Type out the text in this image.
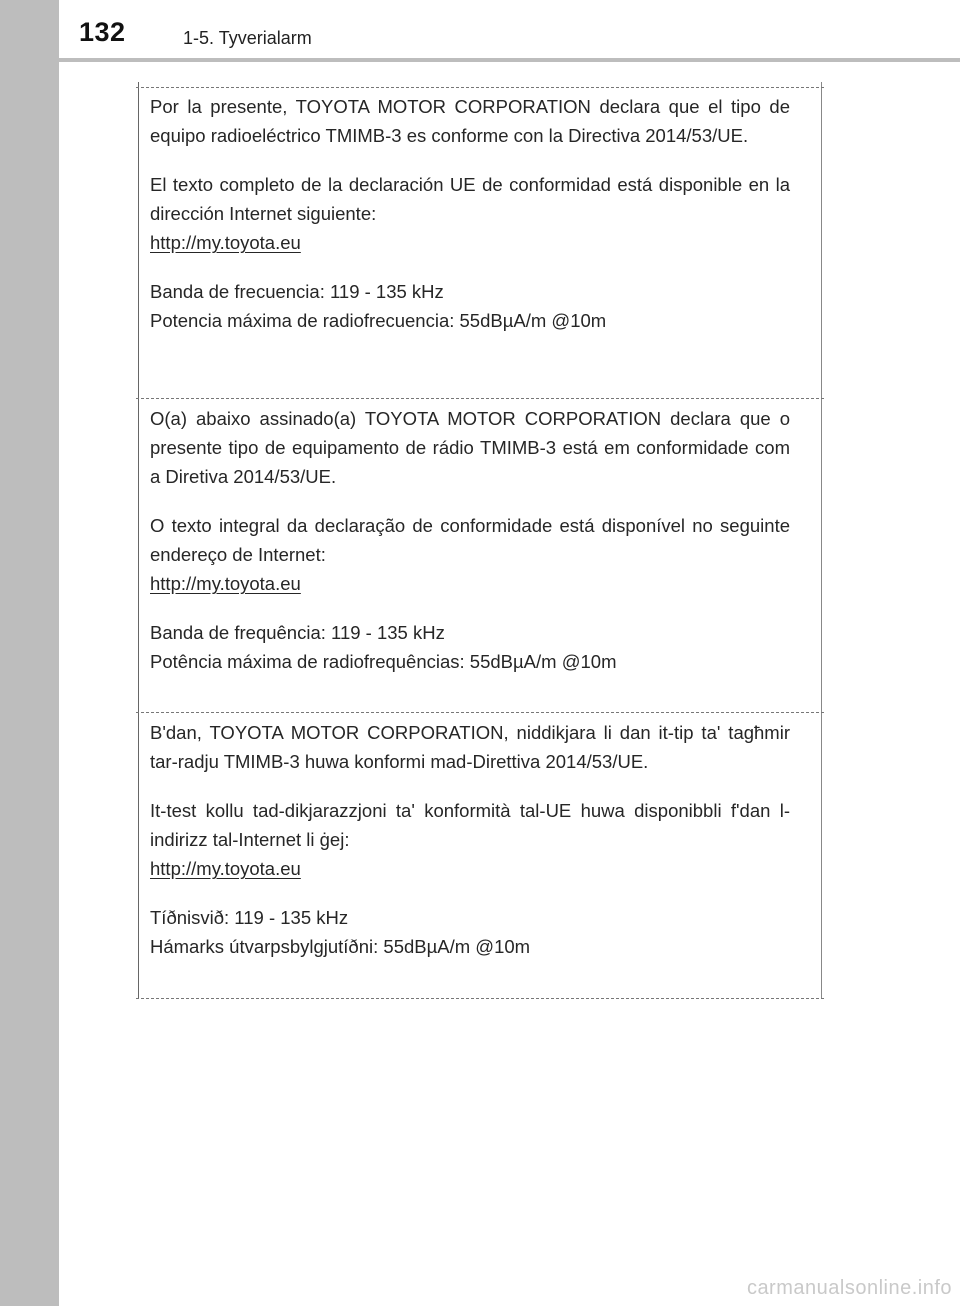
132	1-5. Tyverialarm

Por la presente, TOYOTA MOTOR CORPORATION declara que el tipo de equipo radioeléctrico TMIMB-3 es conforme con la Directiva 2014/53/UE.

El texto completo de la declaración UE de conformidad está disponible en la dirección Internet siguiente:

http://my.toyota.eu
Banda de frecuencia: 119 - 135 kHz
Potencia máxima de radiofrecuencia: 55dBµA/m @10m

O(a) abaixo assinado(a) TOYOTA MOTOR CORPORATION declara que o presente tipo de equipamento de rádio TMIMB-3 está em conformidade com a Diretiva 2014/53/UE.

O texto integral da declaração de conformidade está disponível no seguinte endereço de Internet:

http://my.toyota.eu
Banda de frequência: 119 - 135 kHz
Potência máxima de radiofrequências: 55dBµA/m @10m

B'dan, TOYOTA MOTOR CORPORATION, niddikjara li dan it-tip ta' tagħmir tar-radju TMIMB-3 huwa konformi mad-Direttiva 2014/53/UE.

It-test kollu tad-dikjarazzjoni ta' konformità tal-UE huwa disponibbli f'dan l-indirizz tal-Internet li ġej:

http://my.toyota.eu
Tíðnisvið: 119 - 135 kHz
Hámarks útvarpsbylgjutíðni: 55dBµA/m @10m
carmanualsonline.info
